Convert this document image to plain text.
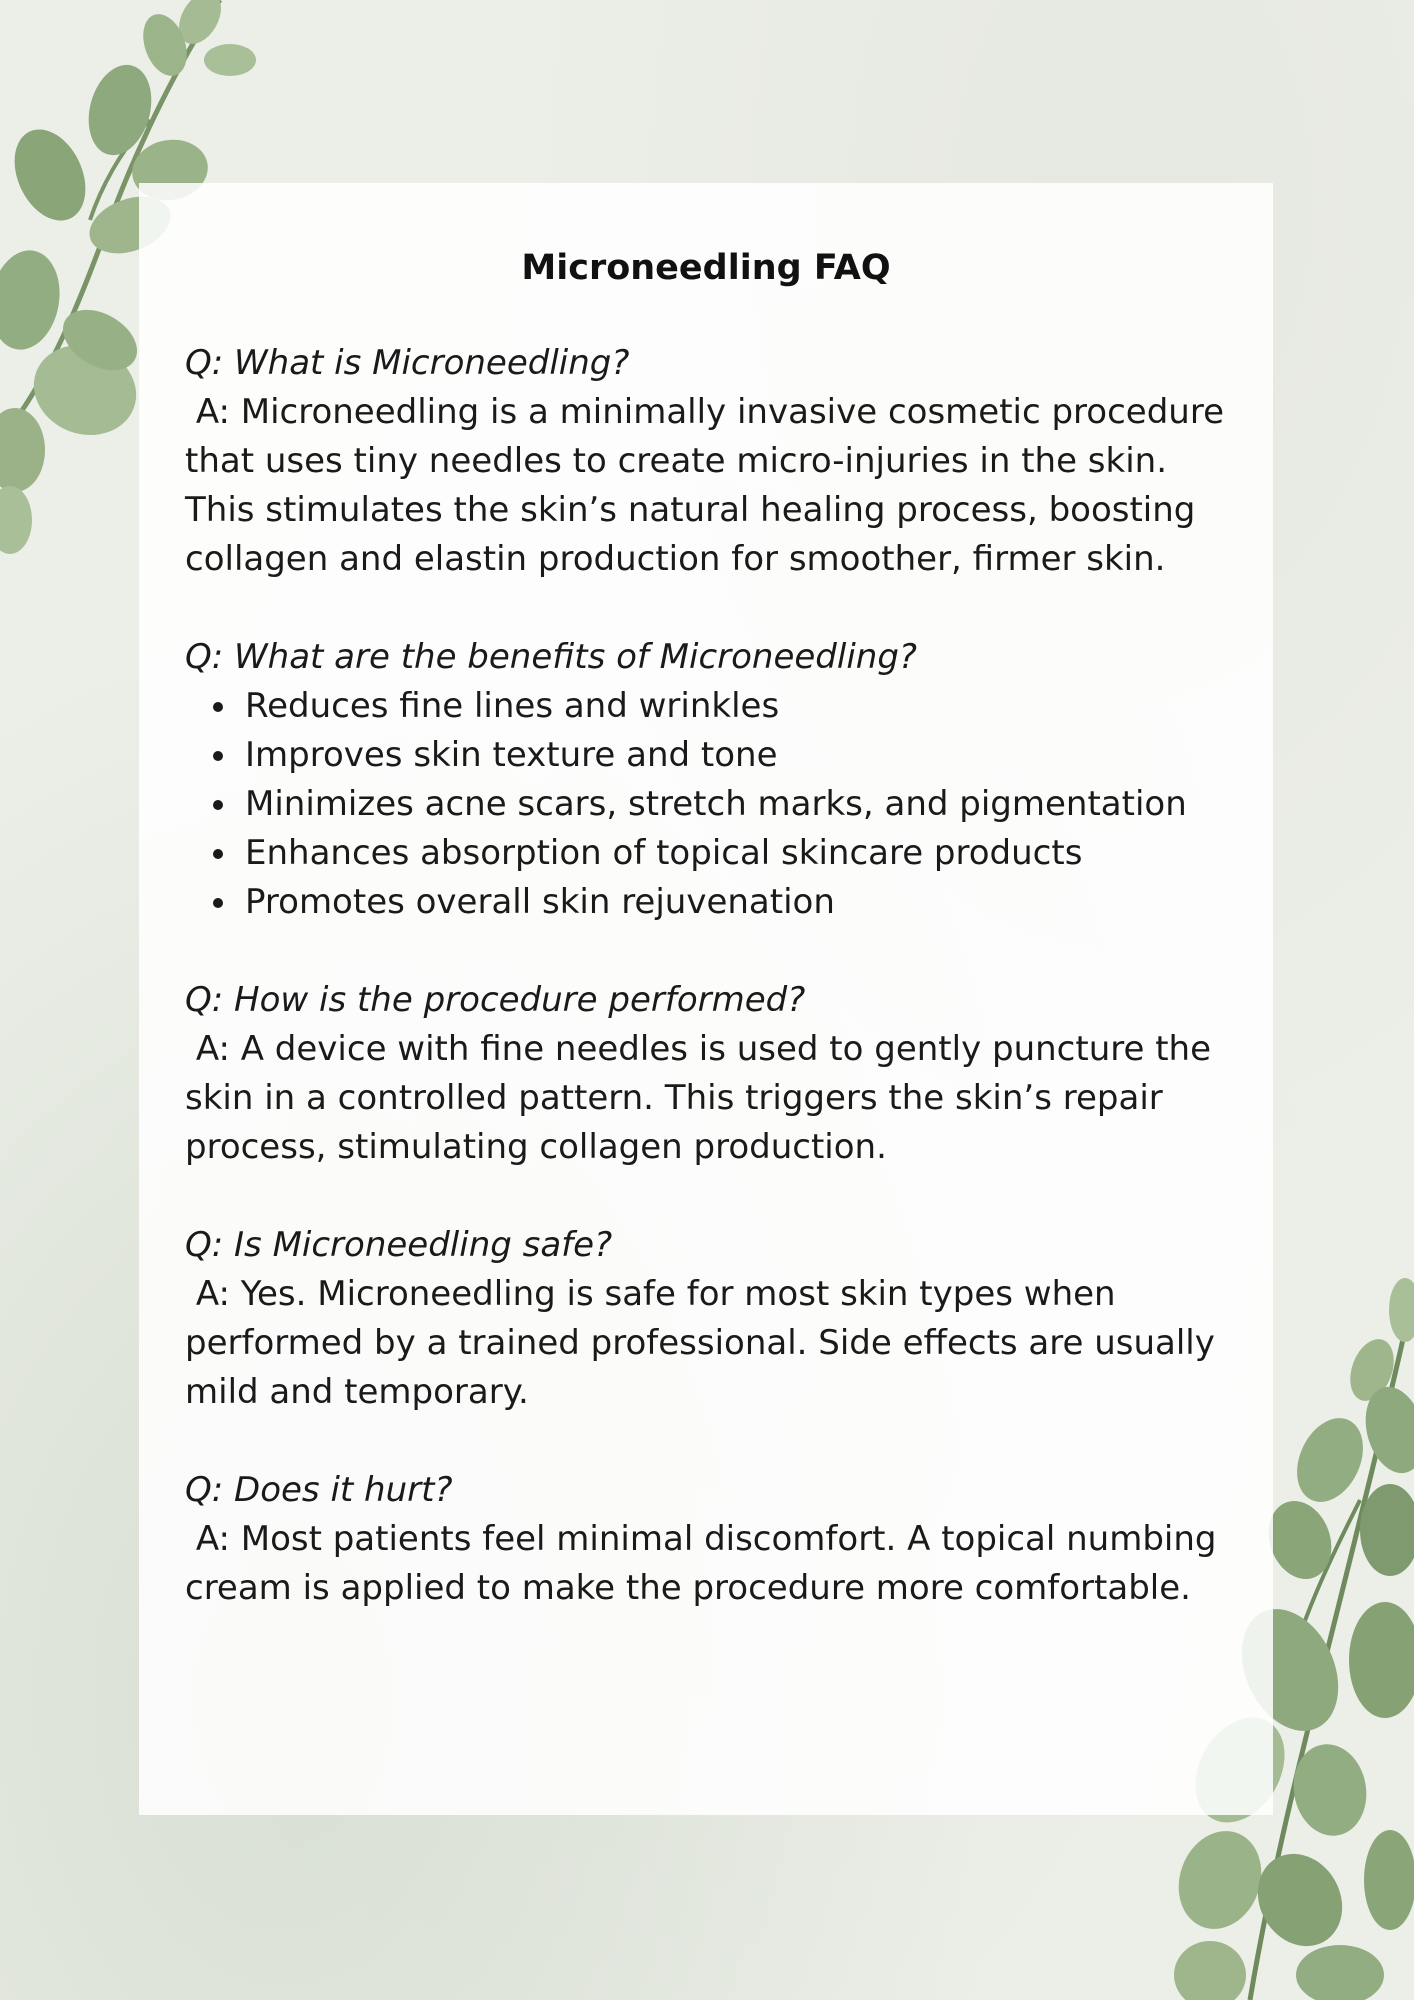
Microneedling FAQ

Q: What is Microneedling?

A: Microneedling is a minimally invasive cosmetic procedure that uses tiny needles to create micro-injuries in the skin. This stimulates the skin’s natural healing process, boosting collagen and elastin production for smoother, firmer skin.

Q: What are the benefits of Microneedling?

Reduces fine lines and wrinkles
Improves skin texture and tone
Minimizes acne scars, stretch marks, and pigmentation
Enhances absorption of topical skincare products
Promotes overall skin rejuvenation

Q: How is the procedure performed?

A: A device with fine needles is used to gently puncture the skin in a controlled pattern. This triggers the skin’s repair process, stimulating collagen production.

Q: Is Microneedling safe?

A: Yes. Microneedling is safe for most skin types when performed by a trained professional. Side effects are usually mild and temporary.

Q: Does it hurt?

A: Most patients feel minimal discomfort. A topical numbing cream is applied to make the procedure more comfortable.
